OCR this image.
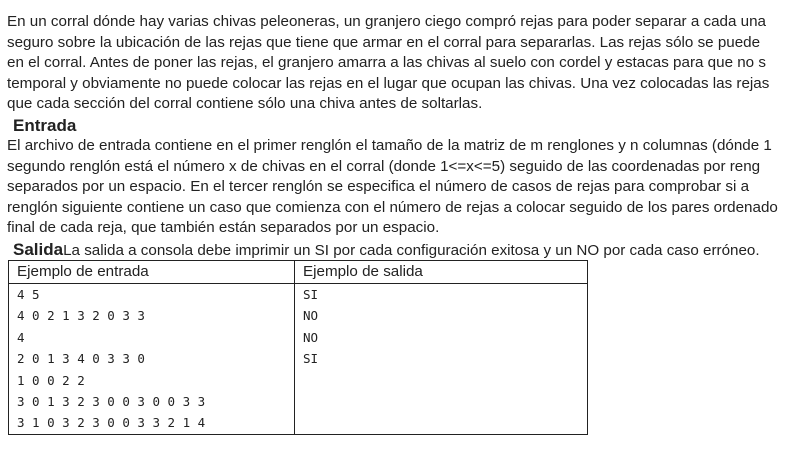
En un corral dónde hay varias chivas peleoneras, un granjero ciego compró rejas para poder separar a cada una
seguro sobre la ubicación de las rejas que tiene que armar en el corral para separarlas. Las rejas sólo se puede
en el corral. Antes de poner las rejas, el granjero amarra a las chivas al suelo con cordel y estacas para que no s
temporal y obviamente no puede colocar las rejas en el lugar que ocupan las chivas. Una vez colocadas las rejas
que cada sección del corral contiene sólo una chiva antes de soltarlas.
Entrada
El archivo de entrada contiene en el primer renglón el tamaño de la matriz de m renglones y n columnas (dónde 1
segundo renglón está el número x de chivas en el corral (donde 1<=x<=5) seguido de las coordenadas por reng
separados por un espacio. En el tercer renglón se especifica el número de casos de rejas para comprobar si a
renglón siguiente contiene un caso que comienza con el número de rejas a colocar seguido de los pares ordenado
final de cada reja, que también están separados por un espacio.
SalidaLa salida a consola debe imprimir un SI por cada configuración exitosa y un NO por cada caso erróneo.
Ejemplo de entrada	Ejemplo de salida
4 5	SI
4 0 2 1 3 2 0 3 3	NO
4	NO
2 0 1 3 4 0 3 3 0	SI
1 0 0 2 2	
3 0 1 3 2 3 0 0 3 0 0 3 3	
3 1 0 3 2 3 0 0 3 3 2 1 4	
